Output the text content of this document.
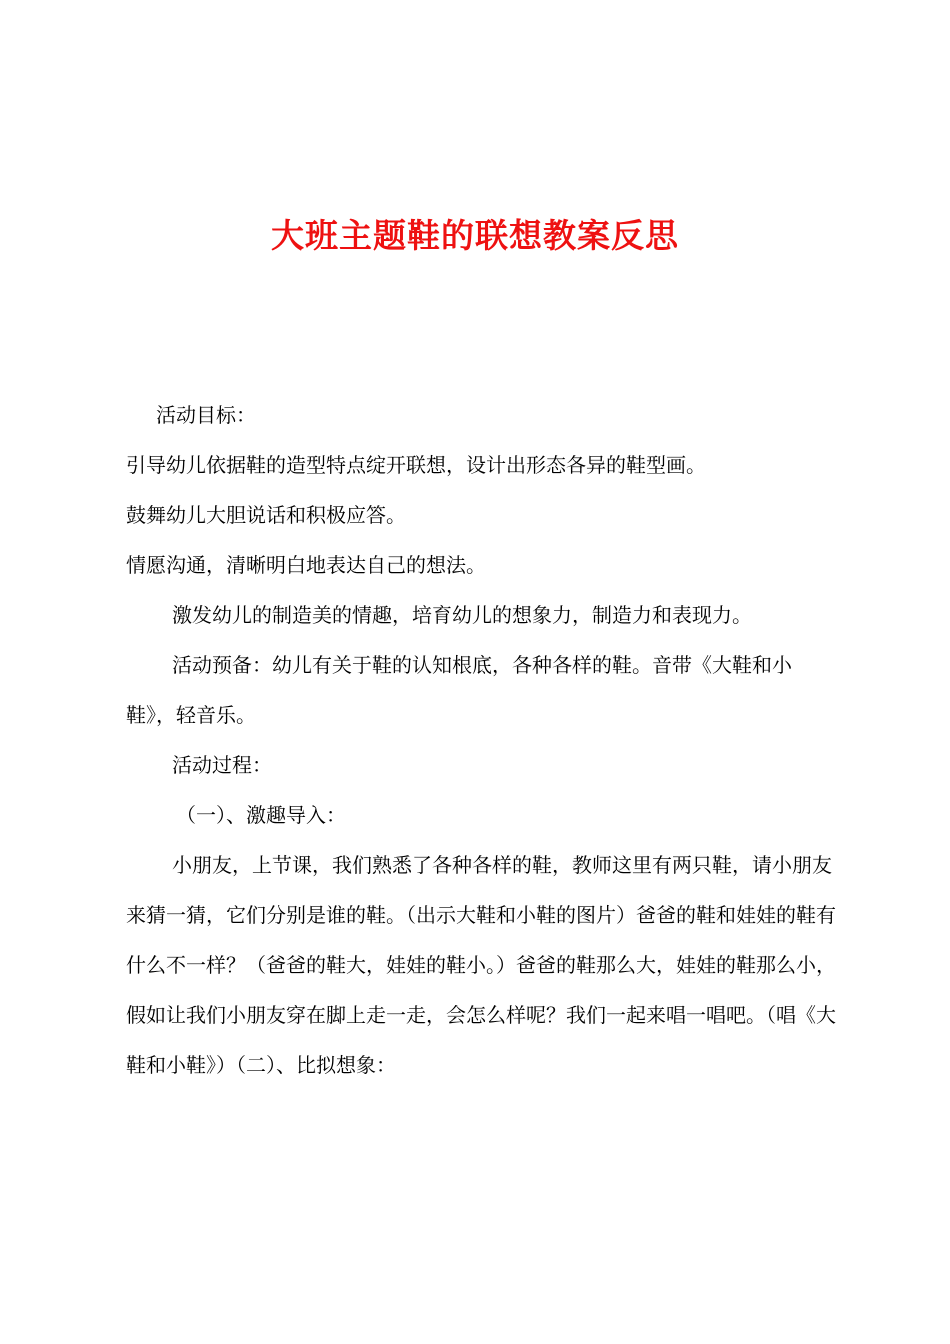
大班主题鞋的联想教案反思

活动目标：

引导幼儿依据鞋的造型特点绽开联想，设计出形态各异的鞋型画。

鼓舞幼儿大胆说话和积极应答。

情愿沟通，清晰明白地表达自己的想法。

激发幼儿的制造美的情趣，培育幼儿的想象力，制造力和表现力。

活动预备：幼儿有关于鞋的认知根底，各种各样的鞋。音带《大鞋和小鞋》，轻音乐。

活动过程：

（一）、激趣导入：

小朋友，上节课，我们熟悉了各种各样的鞋，教师这里有两只鞋，请小朋友来猜一猜，它们分别是谁的鞋。（出示大鞋和小鞋的图片）爸爸的鞋和娃娃的鞋有什么不一样？（爸爸的鞋大，娃娃的鞋小。）爸爸的鞋那么大，娃娃的鞋那么小，假如让我们小朋友穿在脚上走一走，会怎么样呢？我们一起来唱一唱吧。（唱《大鞋和小鞋》）（二）、比拟想象：
